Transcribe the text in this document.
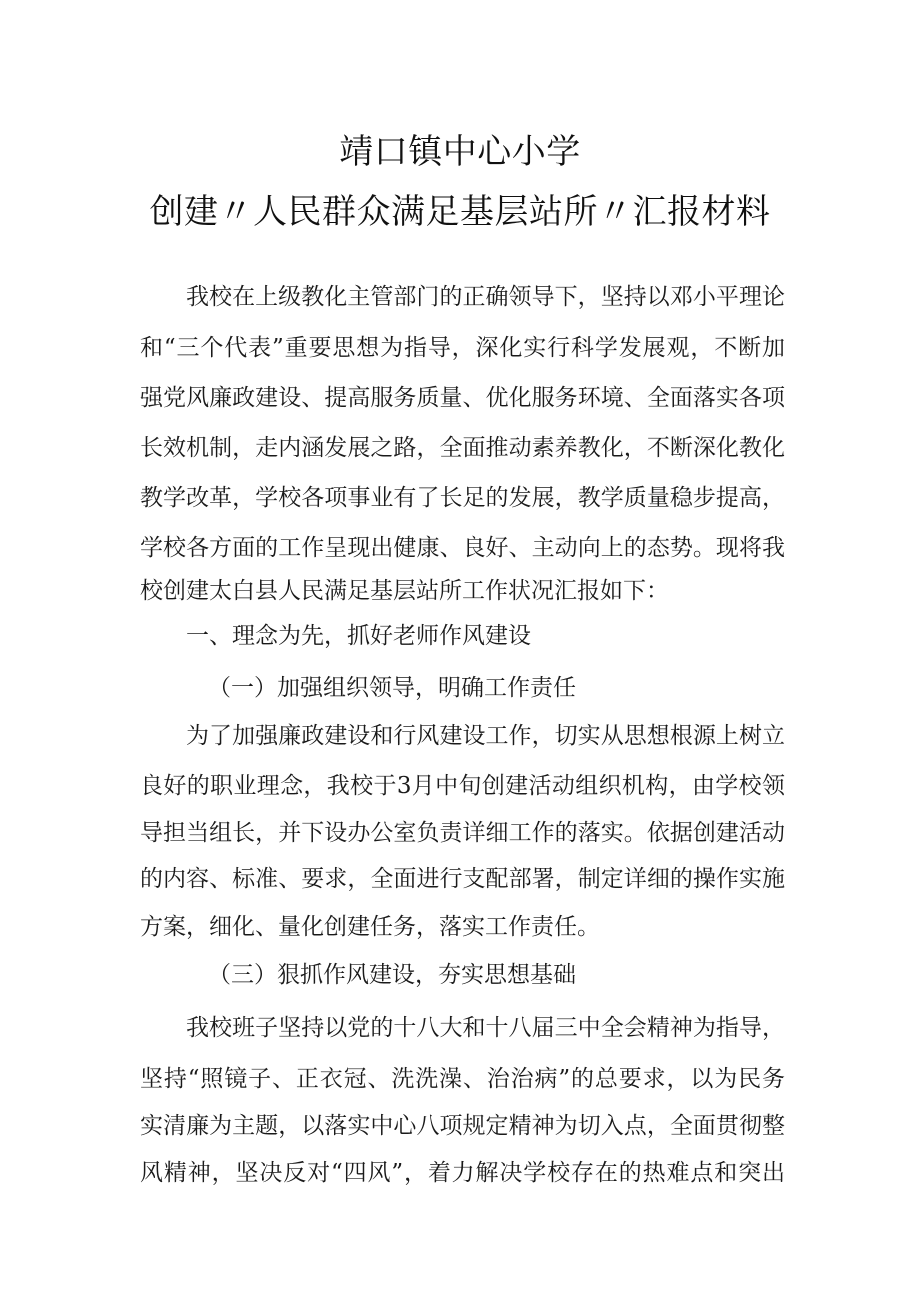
靖口镇中心小学
创建〃人民群众满足基层站所〃汇报材料
我校在上级教化主管部门的正确领导下，坚持以邓小平理论
和“三个代表”重要思想为指导，深化实行科学发展观，不断加
强党风廉政建设、提高服务质量、优化服务环境、全面落实各项
长效机制，走内涵发展之路，全面推动素养教化，不断深化教化
教学改革，学校各项事业有了长足的发展，教学质量稳步提高，
学校各方面的工作呈现出健康、良好、主动向上的态势。现将我
校创建太白县人民满足基层站所工作状况汇报如下：
一、理念为先，抓好老师作风建设
（一）加强组织领导，明确工作责任
为了加强廉政建设和行风建设工作，切实从思想根源上树立
良好的职业理念，我校于3月中旬创建活动组织机构，由学校领
导担当组长，并下设办公室负责详细工作的落实。依据创建活动
的内容、标准、要求，全面进行支配部署，制定详细的操作实施
方案，细化、量化创建任务，落实工作责任。
（三）狠抓作风建设，夯实思想基础
我校班子坚持以党的十八大和十八届三中全会精神为指导，
坚持“照镜子、正衣冠、洗洗澡、治治病”的总要求，以为民务
实清廉为主题，以落实中心八项规定精神为切入点，全面贯彻整
风精神，坚决反对“四风”，着力解决学校存在的热难点和突出
